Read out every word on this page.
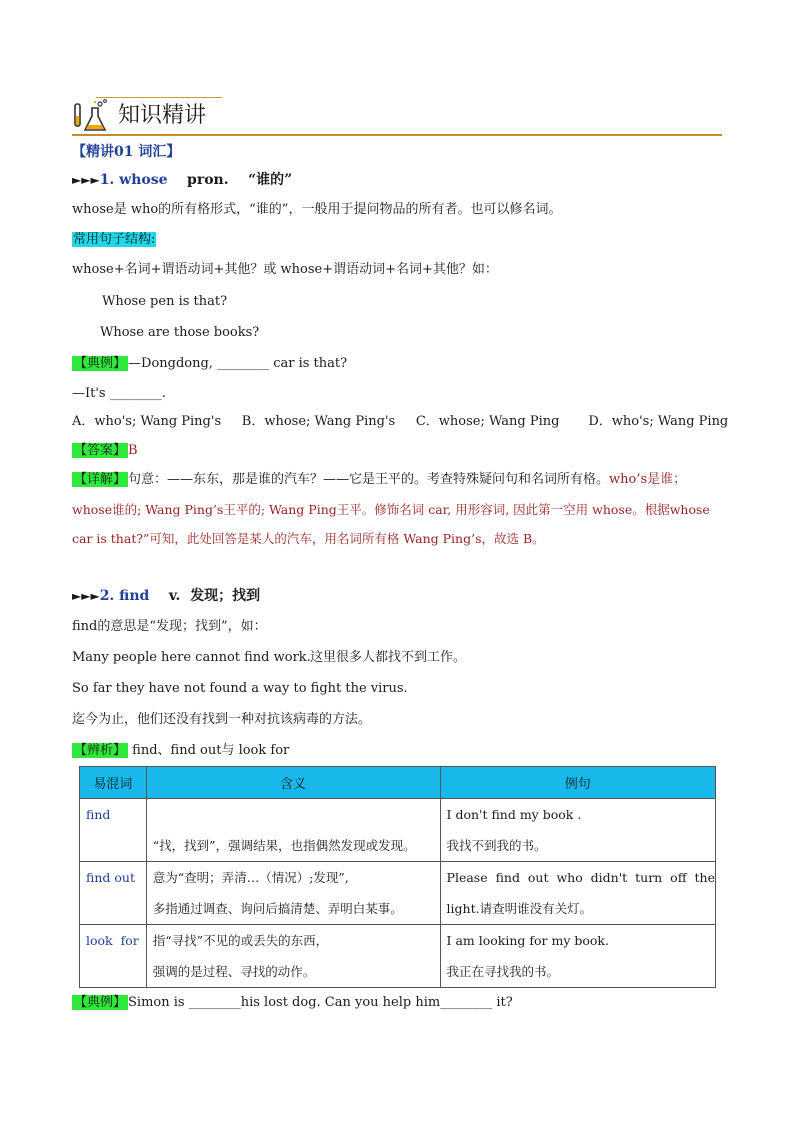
知识精讲
【精讲01 词汇】
►►►1. whose pron. “谁的”
whose是 who的所有格形式，“谁的”，一般用于提问物品的所有者。也可以修名词。
常用句子结构:
whose+名词+谓语动词+其他？或 whose+谓语动词+名词+其他？如：
Whose pen is that?
Whose are those books?
【典例】 —Dongdong, ________ car is that?
—It's ________.
A．who's; Wang Ping's     B．whose; Wang Ping's     C．whose; Wang Ping       D．who's; Wang Ping
【答案】 B
【详解】 句意：——东东，那是谁的汽车？——它是王平的。考查特殊疑问句和名词所有格。who’s是谁；
whose谁的; Wang Ping’s王平的; Wang Ping王平。修饰名词 car, 用形容词, 因此第一空用 whose。根据whose
car is that?”可知，此处回答是某人的汽车，用名词所有格 Wang Ping’s，故选 B。
►►►2. find v. 发现；找到
find的意思是“发现；找到”，如：
Many people here cannot find work. 这里很多人都找不到工作。
So far they have not found a way to fight the virus.
迄今为止，他们还没有找到一种对抗该病毒的方法。
【辨析】 find、find out与 look for
易混词	含义	例句
find	“找，找到”，强调结果，也指偶然发现或发现。	I don't find my book .
我找不到我的书。

find out	意为“查明；弄清…（情况）;发现”,
多指通过调查、询问后搞清楚、弄明白某事。	Please  find  out  who  didn't  turn  off  the
light.请查明谁没有关灯。

look  for	指“寻找”不见的或丢失的东西，
强调的是过程、寻找的动作。	I am looking for my book.
我正在寻找我的书。
【典例】 Simon is ________his lost dog. Can you help him________ it?
